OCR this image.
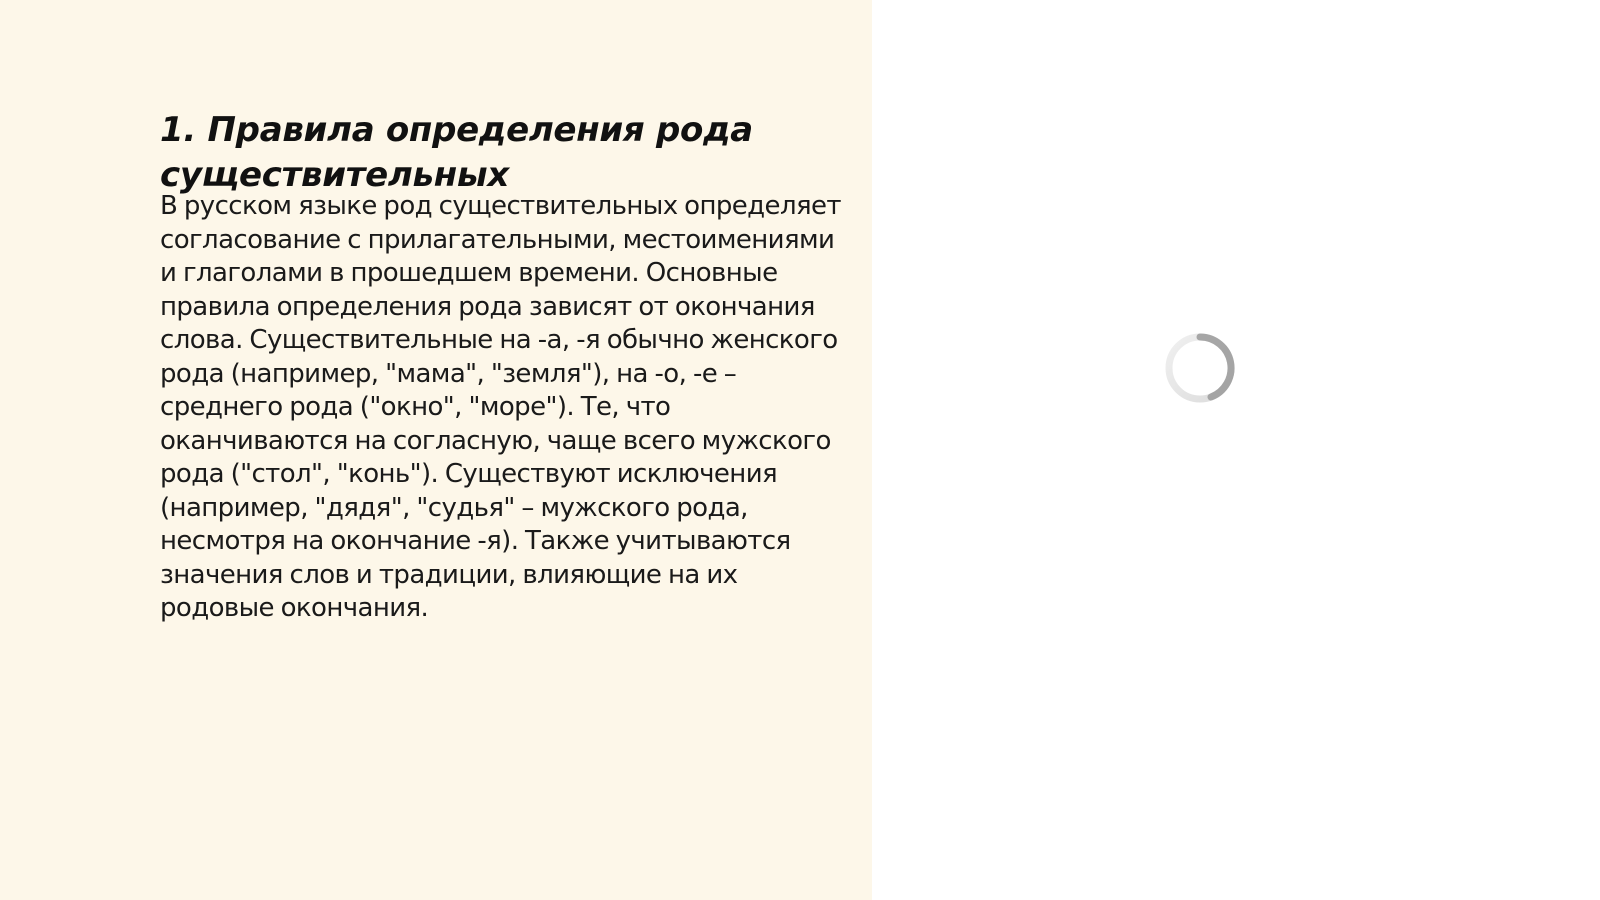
1. Правила определения рода существительных

В русском языке род существительных определяет согласование с прилагательными, местоимениями и глаголами в прошедшем времени. Основные правила определения рода зависят от окончания слова. Существительные на -а, -я обычно женского рода (например, "мама", "земля"), на -о, -е – среднего рода ("окно", "море"). Те, что оканчиваются на согласную, чаще всего мужского рода ("стол", "конь"). Существуют исключения (например, "дядя", "судья" – мужского рода, несмотря на окончание -я). Также учитываются значения слов и традиции, влияющие на их родовые окончания.
